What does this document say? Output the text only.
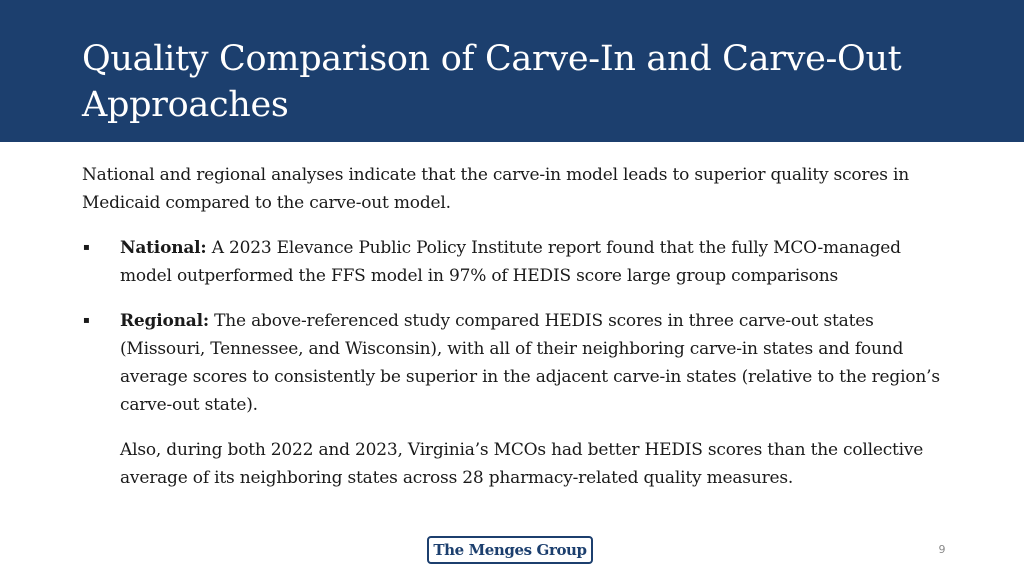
Quality Comparison of Carve-In and Carve-Out Approaches

National and regional analyses indicate that the carve-in model leads to superior quality scores in Medicaid compared to the carve-out model.

▪ National: A 2023 Elevance Public Policy Institute report found that the fully MCO-managed model outperformed the FFS model in 97% of HEDIS score large group comparisons
▪ Regional: The above-referenced study compared HEDIS scores in three carve-out states (Missouri, Tennessee, and Wisconsin), with all of their neighboring carve-in states and found average scores to consistently be superior in the adjacent carve-in states (relative to the region’s carve-out state).

Also, during both 2022 and 2023, Virginia’s MCOs had better HEDIS scores than the collective average of its neighboring states across 28 pharmacy-related quality measures.

The Menges Group	9
